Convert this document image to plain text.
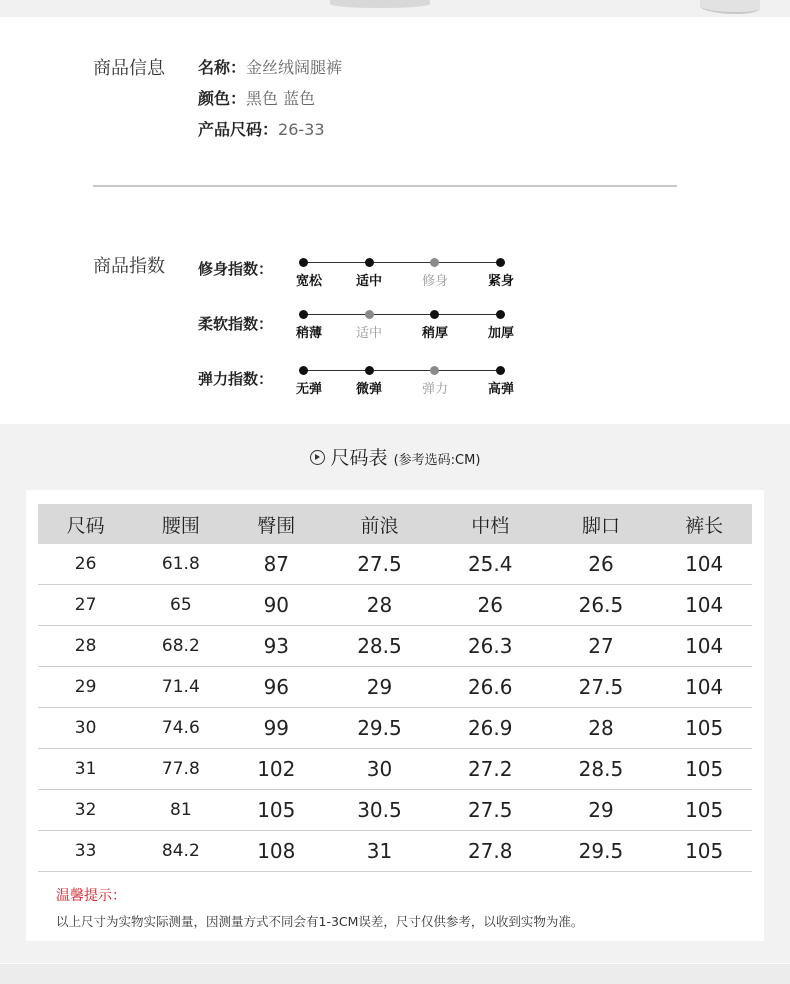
商品信息 名称：金丝绒阔腿裤
颜色：黑色 蓝色
产品尺码：26-33
商品指数 修身指数：
宽松	适中	修身	紧身
柔软指数：
稍薄	适中	稍厚	加厚
弹力指数：
无弹	微弹	弹力	高弹
尺码表 (参考选码:CM)
尺码	腰围	臀围	前浪	中档	脚口	裤长
26	61.8	87	27.5	25.4	26	104
27	65	90	28	26	26.5	104
28	68.2	93	28.5	26.3	27	104
29	71.4	96	29	26.6	27.5	104
30	74.6	99	29.5	26.9	28	105
31	77.8	102	30	27.2	28.5	105
32	81	105	30.5	27.5	29	105
33	84.2	108	31	27.8	29.5	105
温馨提示：
以上尺寸为实物实际测量，因测量方式不同会有1-3CM误差，尺寸仅供参考，以收到实物为准。
